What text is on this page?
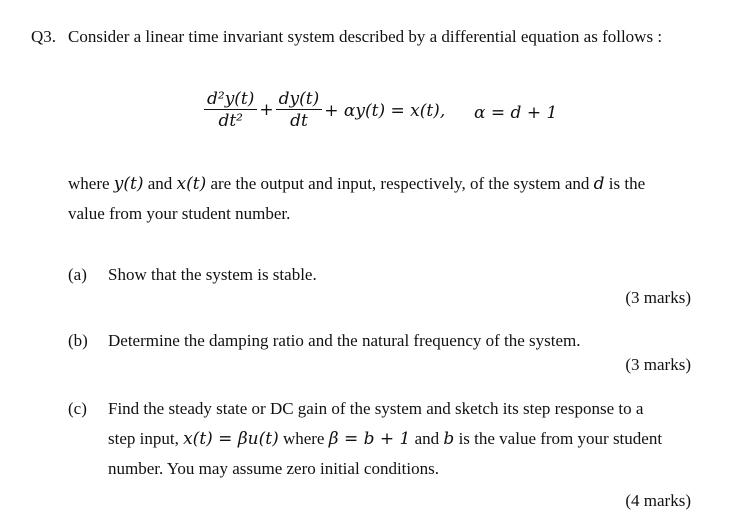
Q3. Consider a linear time invariant system described by a differential equation as follows :
$\frac{\text{d²y(t)}}{\text{dt²}} + \frac{dy(t)}{dt} + \alpha y(t) = x(t)$, α = d + 1
where y(t) and x(t) are the output and input, respectively, of the system and d is the
value from your student number.
(a) Show that the system is stable.
(3 marks)
(b) Determine the damping ratio and the natural frequency of the system.
(3 marks)
(c) Find the steady state or DC gain of the system and sketch its step response to a
step input, x(t) = βu(t) where β = b + 1 and b is the value from your student
number. You may assume zero initial conditions.
(4 marks)
